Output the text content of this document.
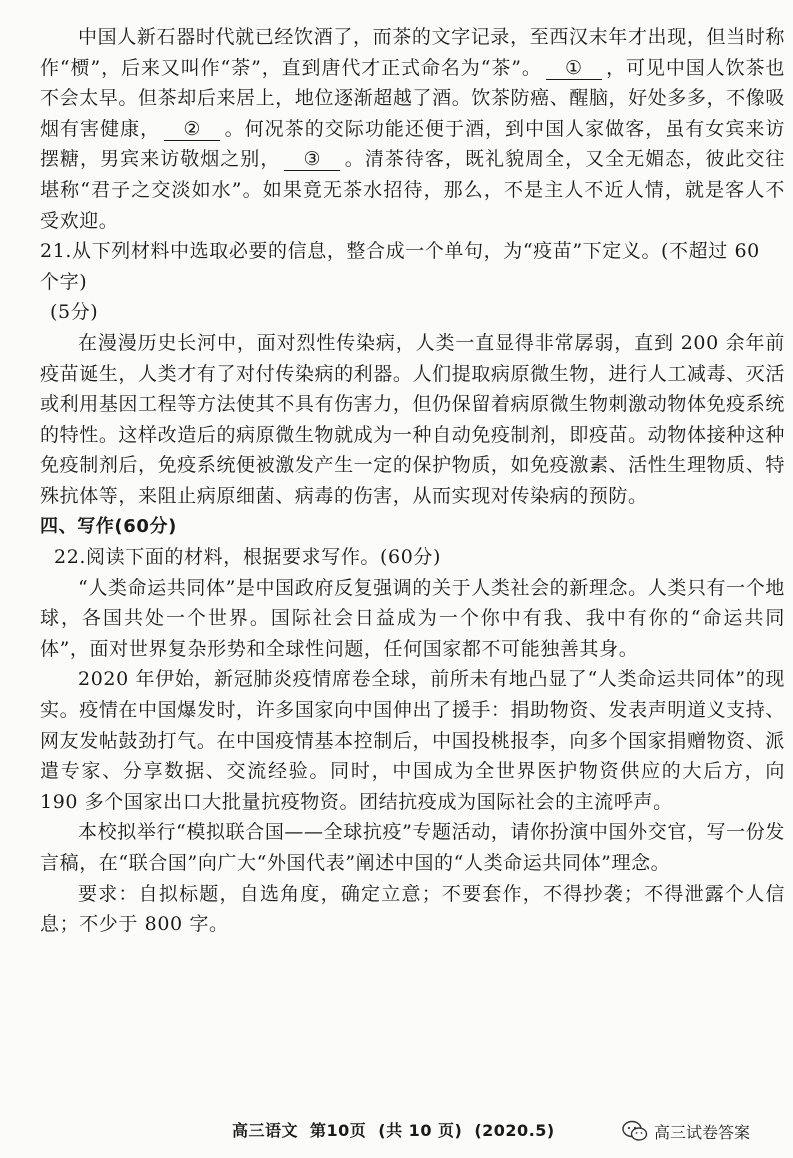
中国人新石器时代就已经饮酒了，而茶的文字记录，至西汉末年才出现，但当时称作“槚”，后来又叫作“荼”，直到唐代才正式命名为“茶”。 ① ，可见中国人饮茶也不会太早。但茶却后来居上，地位逐渐超越了酒。饮茶防癌、醒脑，好处多多，不像吸烟有害健康， ② 。何况茶的交际功能还便于酒，到中国人家做客，虽有女宾来访摆糖，男宾来访敬烟之别， ③ 。清茶待客，既礼貌周全，又全无媚态，彼此交往堪称“君子之交淡如水”。如果竟无茶水招待，那么，不是主人不近人情，就是客人不受欢迎。

21.从下列材料中选取必要的信息，整合成一个单句，为“疫苗”下定义。(不超过 60 个字)

(5分)

在漫漫历史长河中，面对烈性传染病，人类一直显得非常孱弱，直到 200 余年前疫苗诞生，人类才有了对付传染病的利器。人们提取病原微生物，进行人工减毒、灭活或利用基因工程等方法使其不具有伤害力，但仍保留着病原微生物刺激动物体免疫系统的特性。这样改造后的病原微生物就成为一种自动免疫制剂，即疫苗。动物体接种这种免疫制剂后，免疫系统便被激发产生一定的保护物质，如免疫激素、活性生理物质、特殊抗体等，来阻止病原细菌、病毒的伤害，从而实现对传染病的预防。

四、写作(60分)

22.阅读下面的材料，根据要求写作。(60分)

“人类命运共同体”是中国政府反复强调的关于人类社会的新理念。人类只有一个地球，各国共处一个世界。国际社会日益成为一个你中有我、我中有你的“命运共同体”，面对世界复杂形势和全球性问题，任何国家都不可能独善其身。

2020 年伊始，新冠肺炎疫情席卷全球，前所未有地凸显了“人类命运共同体”的现实。疫情在中国爆发时，许多国家向中国伸出了援手：捐助物资、发表声明道义支持、网友发帖鼓劲打气。在中国疫情基本控制后，中国投桃报李，向多个国家捐赠物资、派遣专家、分享数据、交流经验。同时，中国成为全世界医护物资供应的大后方，向 190 多个国家出口大批量抗疫物资。团结抗疫成为国际社会的主流呼声。

本校拟举行“模拟联合国——全球抗疫”专题活动，请你扮演中国外交官，写一份发言稿，在“联合国”向广大“外国代表”阐述中国的“人类命运共同体”理念。

要求：自拟标题，自选角度，确定立意；不要套作，不得抄袭；不得泄露个人信息；不少于 800 字。

高三语文 第10页 (共 10 页) (2020.5)	高三试卷答案
